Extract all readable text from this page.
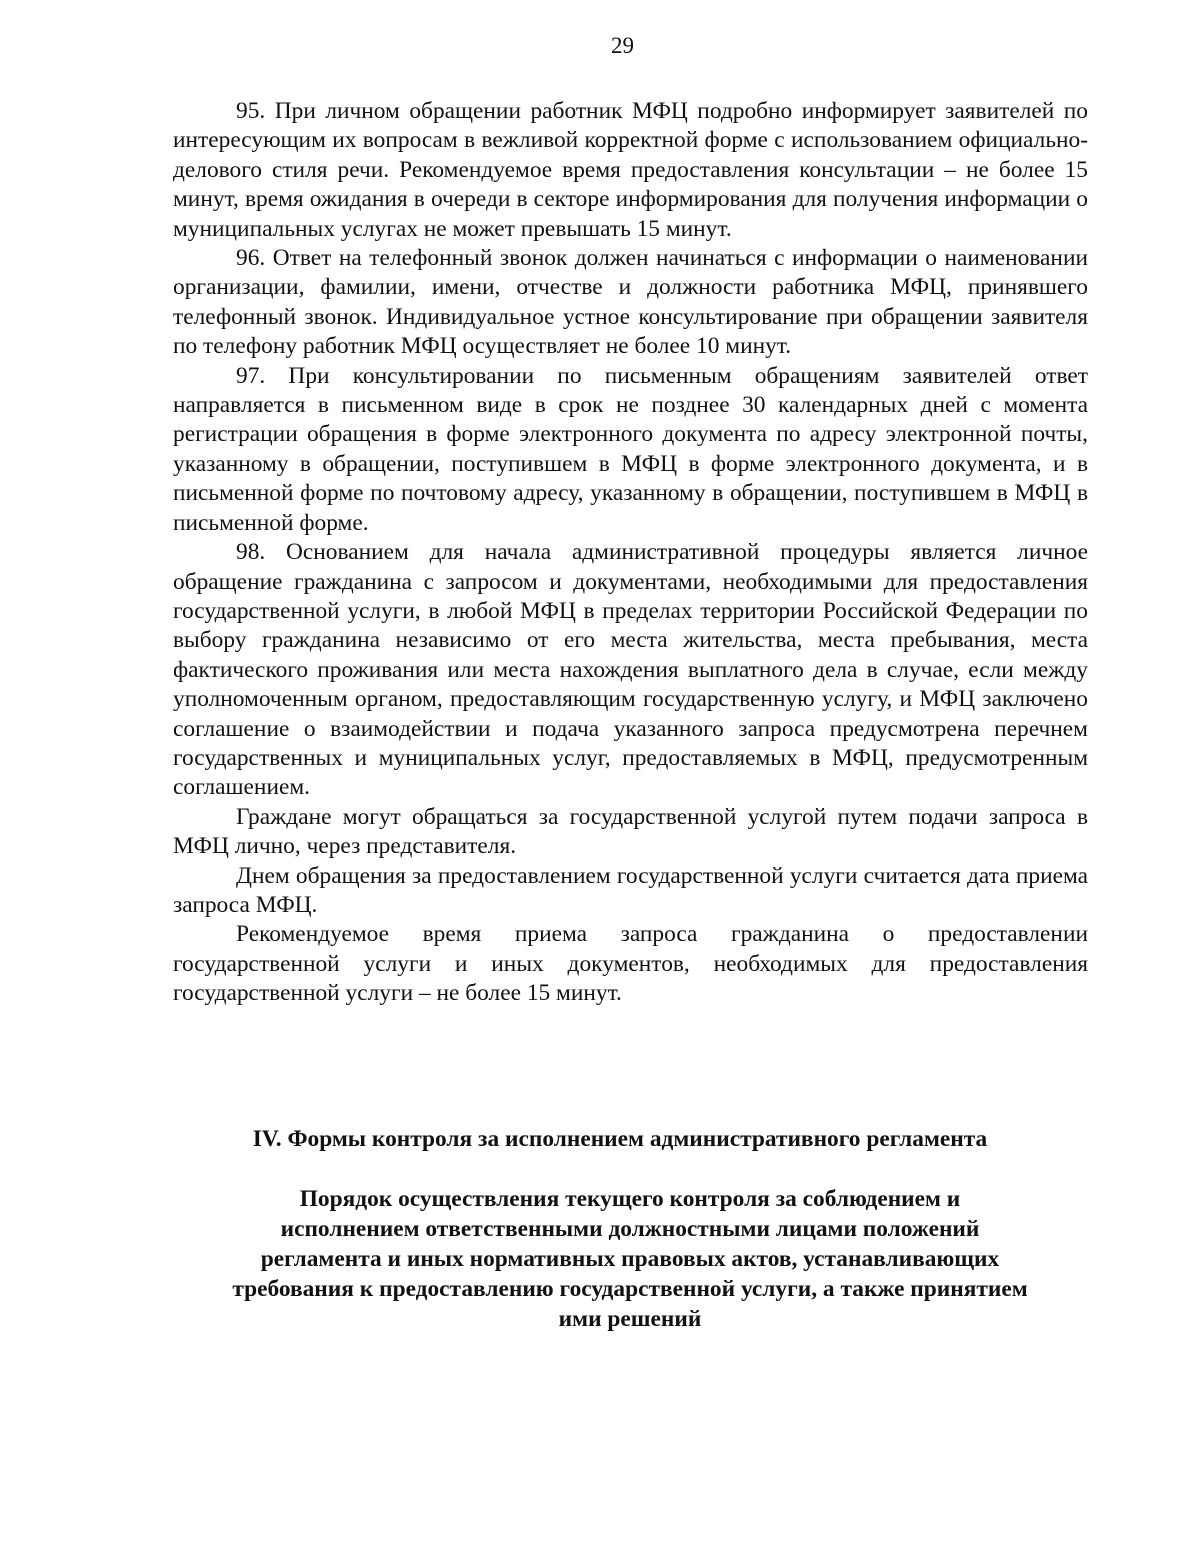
29

95. При личном обращении работник МФЦ подробно информирует заявителей по интересующим их вопросам в вежливой корректной форме с использованием официально-делового стиля речи. Рекомендуемое время предоставления консультации – не более 15 минут, время ожидания в очереди в секторе информирования для получения информации о муниципальных услугах не может превышать 15 минут.

96. Ответ на телефонный звонок должен начинаться с информации о наименовании организации, фамилии, имени, отчестве и должности работника МФЦ, принявшего телефонный звонок. Индивидуальное устное консультирование при обращении заявителя по телефону работник МФЦ осуществляет не более 10 минут.

97. При консультировании по письменным обращениям заявителей ответ направляется в письменном виде в срок не позднее 30 календарных дней с момента регистрации обращения в форме электронного документа по адресу электронной почты, указанному в обращении, поступившем в МФЦ в форме электронного документа, и в письменной форме по почтовому адресу, указанному в обращении, поступившем в МФЦ в письменной форме.

98. Основанием для начала административной процедуры является личное обращение гражданина с запросом и документами, необходимыми для предоставления государственной услуги, в любой МФЦ в пределах территории Российской Федерации по выбору гражданина независимо от его места жительства, места пребывания, места фактического проживания или места нахождения выплатного дела в случае, если между уполномоченным органом, предоставляющим государственную услугу, и МФЦ заключено соглашение о взаимодействии и подача указанного запроса предусмотрена перечнем государственных и муниципальных услуг, предоставляемых в МФЦ, предусмотренным соглашением.

Граждане могут обращаться за государственной услугой путем подачи запроса в МФЦ лично, через представителя.

Днем обращения за предоставлением государственной услуги считается дата приема запроса МФЦ.

Рекомендуемое время приема запроса гражданина о предоставлении государственной услуги и иных документов, необходимых для предоставления государственной услуги – не более 15 минут.

IV. Формы контроля за исполнением административного регламента
Порядок осуществления текущего контроля за соблюдением и
исполнением ответственными должностными лицами положений
регламента и иных нормативных правовых актов, устанавливающих
требования к предоставлению государственной услуги, а также принятием
ими решений
